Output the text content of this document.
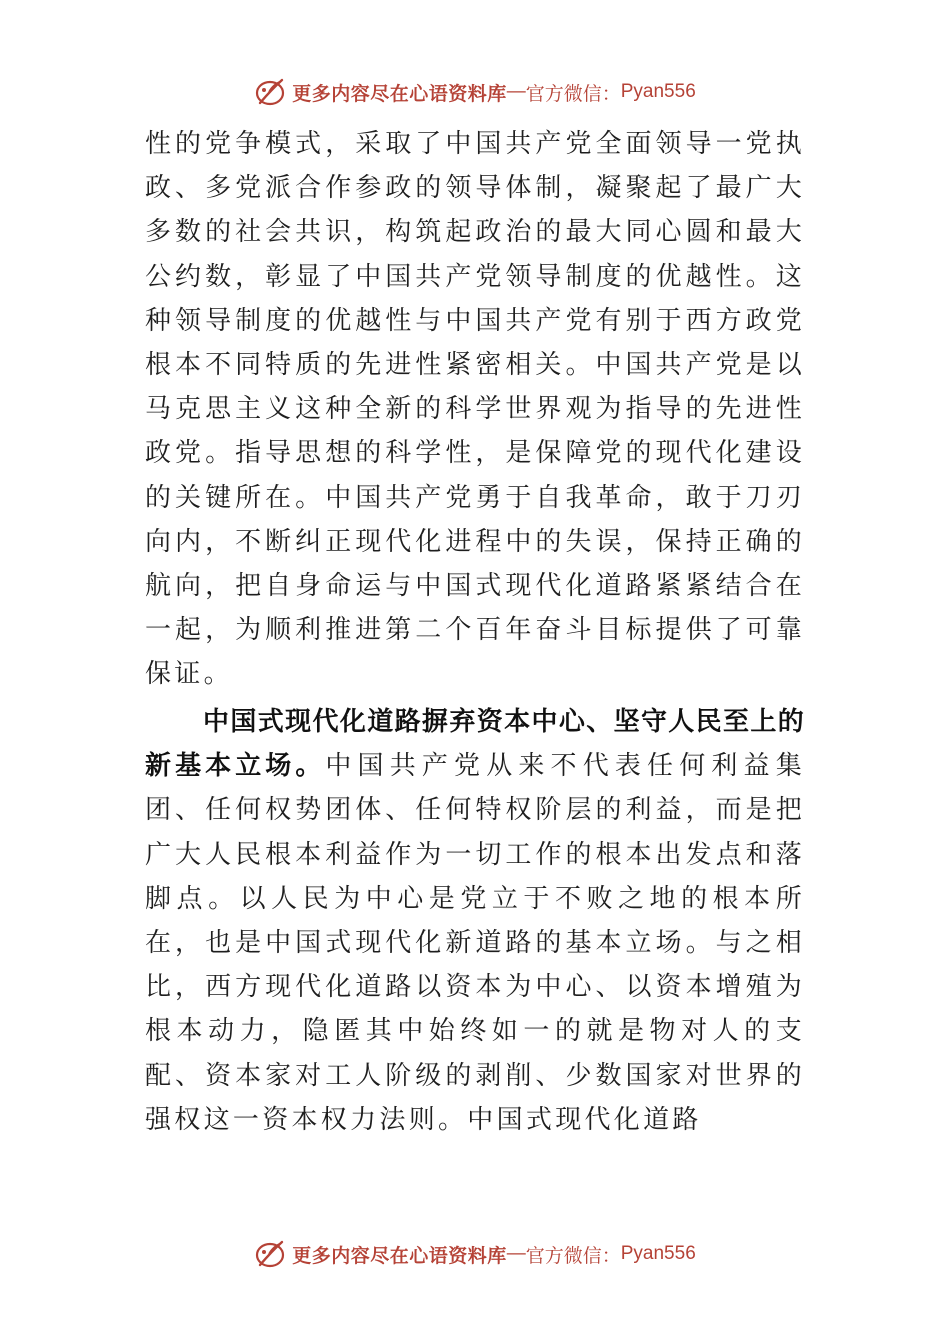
更多内容尽在心语资料库 — 官方微信： Pyan556

性的党争模式，采取了中国共产党全面领导一党执政、多党派合作参政的领导体制，凝聚起了最广大多数的社会共识，构筑起政治的最大同心圆和最大公约数，彰显了中国共产党领导制度的优越性。这种领导制度的优越性与中国共产党有别于西方政党根本不同特质的先进性紧密相关。中国共产党是以马克思主义这种全新的科学世界观为指导的先进性政党。指导思想的科学性，是保障党的现代化建设的关键所在。中国共产党勇于自我革命，敢于刀刃向内，不断纠正现代化进程中的失误，保持正确的航向，把自身命运与中国式现代化道路紧紧结合在一起，为顺利推进第二个百年奋斗目标提供了可靠保证。

中国式现代化道路摒弃资本中心、坚守人民至上的新基本立场。中国共产党从来不代表任何利益集团、任何权势团体、任何特权阶层的利益，而是把广大人民根本利益作为一切工作的根本出发点和落脚点。以人民为中心是党立于不败之地的根本所在，也是中国式现代化新道路的基本立场。与之相比，西方现代化道路以资本为中心、以资本增殖为根本动力，隐匿其中始终如一的就是物对人的支配、资本家对工人阶级的剥削、少数国家对世界的强权这一资本权力法则。中国式现代化道路

更多内容尽在心语资料库 — 官方微信： Pyan556
